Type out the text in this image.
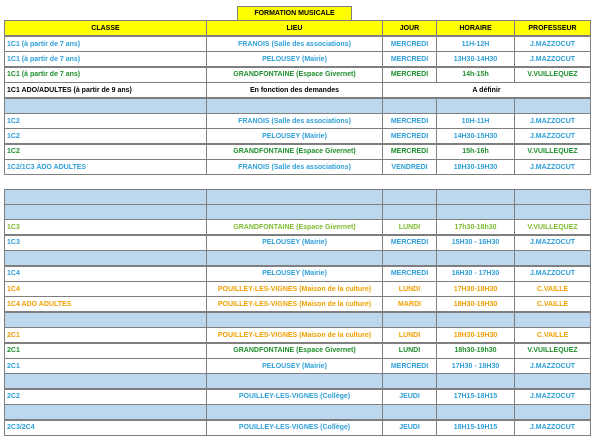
FORMATION MUSICALE
CLASSE	LIEU	JOUR	HORAIRE	PROFESSEUR
1C1 (à partir de 7 ans)	FRANOIS (Salle des associations)	MERCREDI	11H-12H	J.MAZZOCUT
1C1 (à partir de 7 ans)	PELOUSEY (Mairie)	MERCREDI	13H30-14H30	J.MAZZOCUT
1C1 (à partir de 7 ans)	GRANDFONTAINE (Espace Givernet)	MERCREDI	14h-15h	V.VUILLEQUEZ
1C1 ADO/ADULTES (à partir de 9 ans)	En fonction des demandes	A définir
1C2	FRANOIS (Salle des associations)	MERCREDI	10H-11H	J.MAZZOCUT
1C2	PELOUSEY (Mairie)	MERCREDI	14H30-15H30	J.MAZZOCUT
1C2	GRANDFONTAINE (Espace Givernet)	MERCREDI	15h-16h	V.VUILLEQUEZ
1C2/1C3 ADO ADULTES	FRANOIS (Salle des associations)	VENDREDI	18H30-19H30	J.MAZZOCUT
1C3	GRANDFONTAINE (Espace Givernet)	LUNDI	17h30-18h30	V.VUILLEQUEZ
1C3	PELOUSEY (Mairie)	MERCREDI	15H30 - 16H30	J.MAZZOCUT
1C4	PELOUSEY (Mairie)	MERCREDI	16H30 - 17H30	J.MAZZOCUT
1C4	POUILLEY-LES-VIGNES (Maison de la culture)	LUNDI	17H30-18H30	C.VAILLE
1C4 ADO ADULTES	POUILLEY-LES-VIGNES (Maison de la culture)	MARDI	18H30-19H30	C.VAILLE
2C1	POUILLEY-LES-VIGNES (Maison de la culture)	LUNDI	18H30-19H30	C.VAILLE
2C1	GRANDFONTAINE (Espace Givernet)	LUNDI	18h30-19h30	V.VUILLEQUEZ
2C1	PELOUSEY (Mairie)	MERCREDI	17H30 - 18H30	J.MAZZOCUT
2C2	POUILLEY-LES-VIGNES (Collège)	JEUDI	17H15-18H15	J.MAZZOCUT
2C3/2C4	POUILLEY-LES-VIGNES (Collège)	JEUDI	18H15-19H15	J.MAZZOCUT
